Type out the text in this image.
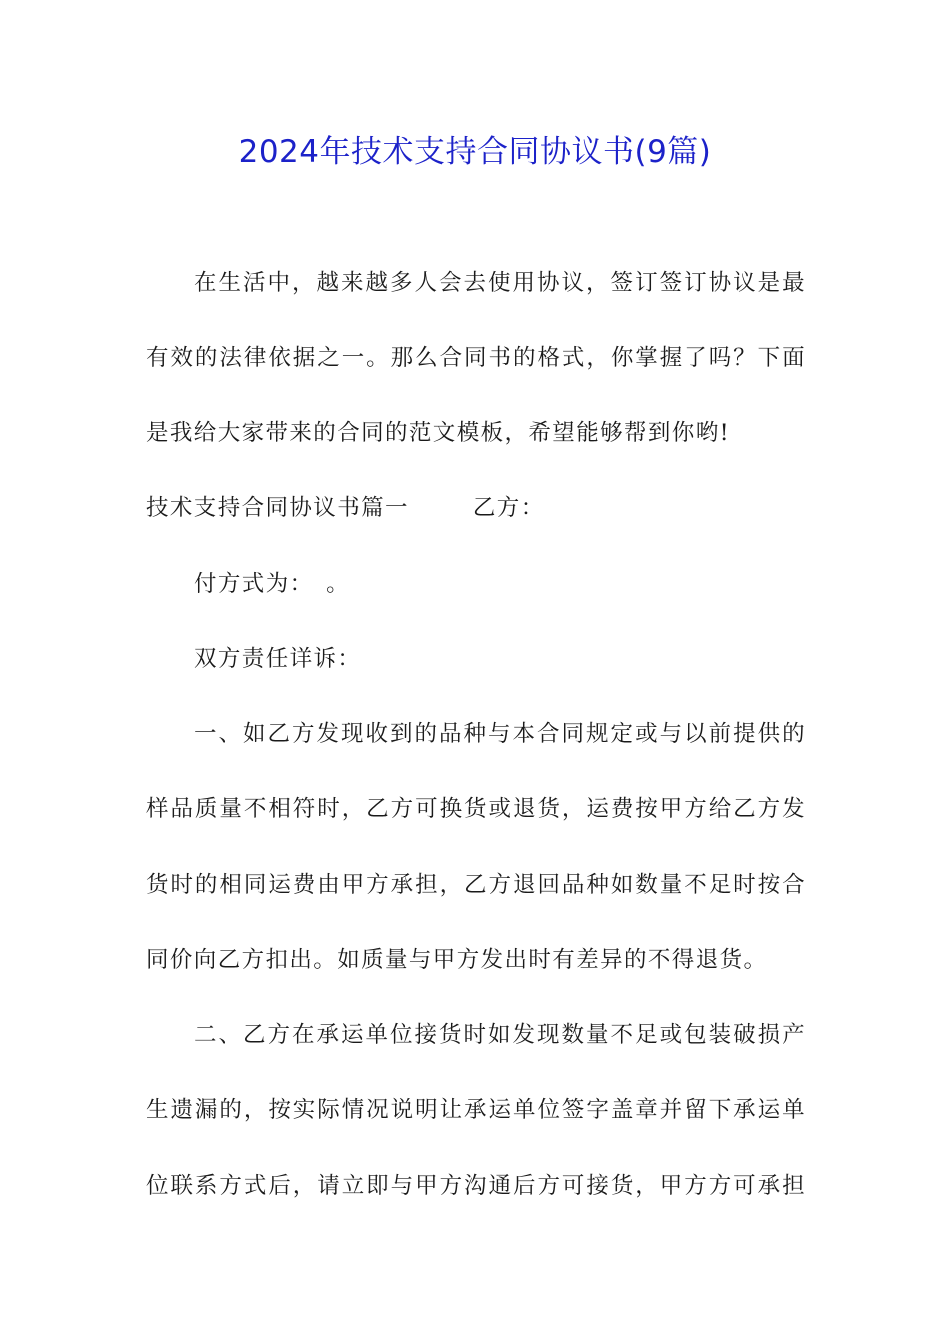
2024年技术支持合同协议书(9篇)
在生活中，越来越多人会去使用协议，签订签订协议是最
有效的法律依据之一。那么合同书的格式，你掌握了吗？下面
是我给大家带来的合同的范文模板，希望能够帮到你哟!
技术支持合同协议书篇一	乙方：
付方式为：　。
双方责任详诉：
一、如乙方发现收到的品种与本合同规定或与以前提供的
样品质量不相符时，乙方可换货或退货，运费按甲方给乙方发
货时的相同运费由甲方承担，乙方退回品种如数量不足时按合
同价向乙方扣出。如质量与甲方发出时有差异的不得退货。
二、乙方在承运单位接货时如发现数量不足或包装破损产
生遗漏的，按实际情况说明让承运单位签字盖章并留下承运单
位联系方式后，请立即与甲方沟通后方可接货，甲方方可承担
